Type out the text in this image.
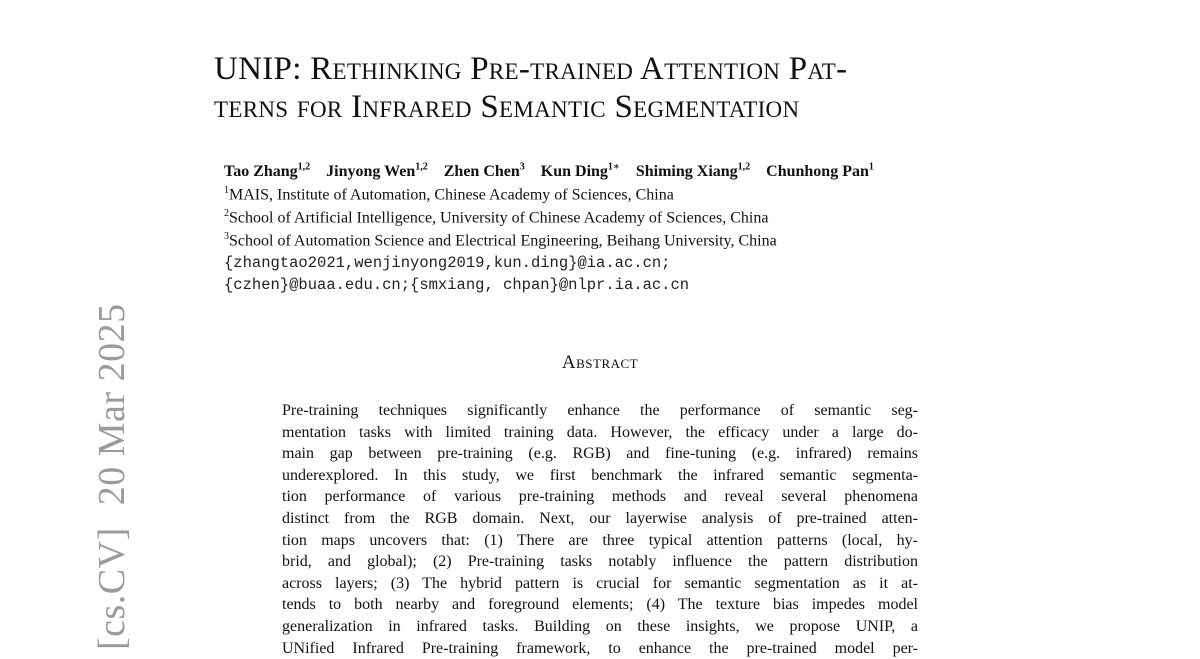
[cs.CV]20 Mar 2025
UNIP: Rethinking Pre-trained Attention Pat-
terns for Infrared Semantic Segmentation
Tao Zhang$^{1,2}$ Jinyong Wen$^{1,2}$ Zhen Chen$^3$ Kun Ding$^{1∗}$ Shiming Xiang$^{1,2}$ Chunhong Pan$^1$
$^1$MAIS, Institute of Automation, Chinese Academy of Sciences, China
$^2$School of Artificial Intelligence, University of Chinese Academy of Sciences, China
$^3$School of Automation Science and Electrical Engineering, Beihang University, China
{zhangtao2021,wenjinyong2019,kun.ding}@ia.ac.cn;
{czhen}@buaa.edu.cn;{smxiang, chpan}@nlpr.ia.ac.cn
Abstract
Pre-training techniques significantly enhance the performance of semantic seg-
mentation tasks with limited training data. However, the efficacy under a large do-
main gap between pre-training (e.g. RGB) and fine-tuning (e.g. infrared) remains
underexplored. In this study, we first benchmark the infrared semantic segmenta-
tion performance of various pre-training methods and reveal several phenomena
distinct from the RGB domain. Next, our layerwise analysis of pre-trained atten-
tion maps uncovers that: (1) There are three typical attention patterns (local, hy-
brid, and global); (2) Pre-training tasks notably influence the pattern distribution
across layers; (3) The hybrid pattern is crucial for semantic segmentation as it at-
tends to both nearby and foreground elements; (4) The texture bias impedes model
generalization in infrared tasks. Building on these insights, we propose UNIP, a
UNified Infrared Pre-training framework, to enhance the pre-trained model per-
